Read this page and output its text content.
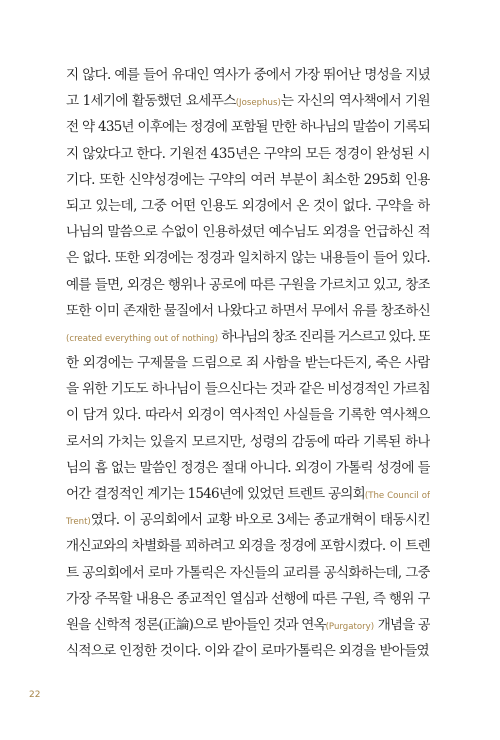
지 않다. 예를 들어 유대인 역사가 중에서 가장 뛰어난 명성을 지녔
고 1세기에 활동했던 요세푸스(Josephus)는 자신의 역사책에서 기원
전 약 435년 이후에는 정경에 포함될 만한 하나님의 말씀이 기록되
지 않았다고 한다. 기원전 435년은 구약의 모든 정경이 완성된 시
기다. 또한 신약성경에는 구약의 여러 부분이 최소한 295회 인용
되고 있는데, 그중 어떤 인용도 외경에서 온 것이 없다. 구약을 하
나님의 말씀으로 수없이 인용하셨던 예수님도 외경을 언급하신 적
은 없다. 또한 외경에는 정경과 일치하지 않는 내용들이 들어 있다.
예를 들면, 외경은 행위나 공로에 따른 구원을 가르치고 있고, 창조
또한 이미 존재한 물질에서 나왔다고 하면서 무에서 유를 창조하신
(created everything out of nothing) 하나님의 창조 진리를 거스르고 있다. 또
한 외경에는 구제물을 드림으로 죄 사함을 받는다든지, 죽은 사람
을 위한 기도도 하나님이 들으신다는 것과 같은 비성경적인 가르침
이 담겨 있다. 따라서 외경이 역사적인 사실들을 기록한 역사책으
로서의 가치는 있을지 모르지만, 성령의 감동에 따라 기록된 하나
님의 흠 없는 말씀인 정경은 절대 아니다. 외경이 가톨릭 성경에 들
어간 결정적인 계기는 1546년에 있었던 트렌트 공의회(The Council of
Trent)였다. 이 공의회에서 교황 바오로 3세는 종교개혁이 태동시킨
개신교와의 차별화를 꾀하려고 외경을 정경에 포함시켰다. 이 트렌
트 공의회에서 로마 가톨릭은 자신들의 교리를 공식화하는데, 그중
가장 주목할 내용은 종교적인 열심과 선행에 따른 구원, 즉 행위 구
원을 신학적 정론(正論)으로 받아들인 것과 연옥(Purgatory) 개념을 공
식적으로 인정한 것이다. 이와 같이 로마가톨릭은 외경을 받아들였
22
